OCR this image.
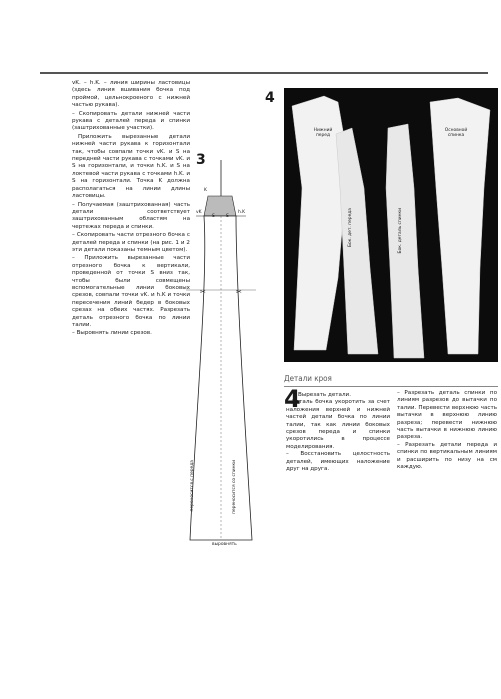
vK. – h.K. – линия ширины ластовицы (здесь линия вшивания бочка под проймой, цельнокроеного с нижней частью рукава).

– Скопировать детали нижней части рукава с деталей переда и спинки (заштрихованные участки).

Приложить вырезанные детали нижней части рукава к горизонтали так, чтобы совпали точки vK. и S на передней части рукава с точками vK. и S на горизонтали, и точки h.K. и S на локтевой части рукава с точками h.K. и S на горизонтали. Точка K должна располагаться на линии длины ластовицы.

– Получаемая (заштрихованная) часть детали соответствует заштрихованным областям на чертежах переда и спинки.

– Скопировать части отрезного бочка с деталей переда и спинки (на рис. 1 и 2 эти детали показаны темным цветом).

– Приложить вырезанные части отрезного бочка к вертикали, проведенной от точки S вниз так, чтобы были совмещены вспомогательные линии боковых срезов, совпали точки vK. и h.K и точки пересечения линий бедер в боковых срезах на обеих частях. Разрезать деталь отрезного бочка по линии талии.

– Выровнять линии срезов.

3
✂	✂
K
vK	h.K
S	S
переносится с переда	переносится со спинки
выровнять
4
Нижний перед
Основной спинка
Бок. дет. переда	Бок. деталь спинки
Детали кроя
4

Вырезать детали.

– Деталь бочка укоротить за счет наложения верхней и нижней частей детали бочка по линии талии, так как линии боковых срезов переда и спинки укоротились в процессе моделирования.

– Восстановить целостность деталей, имеющих наложение друг на друга.

– Разрезать деталь спинки по линиям разрезов до вытачки по талии. Перевести верхнюю часть вытачки в верхнюю линию разреза; перевести нижнюю часть вытачки в нижнюю линию разреза.

– Разрезать детали переда и спинки по вертикальным линиям и расширить по низу на см каждую.
